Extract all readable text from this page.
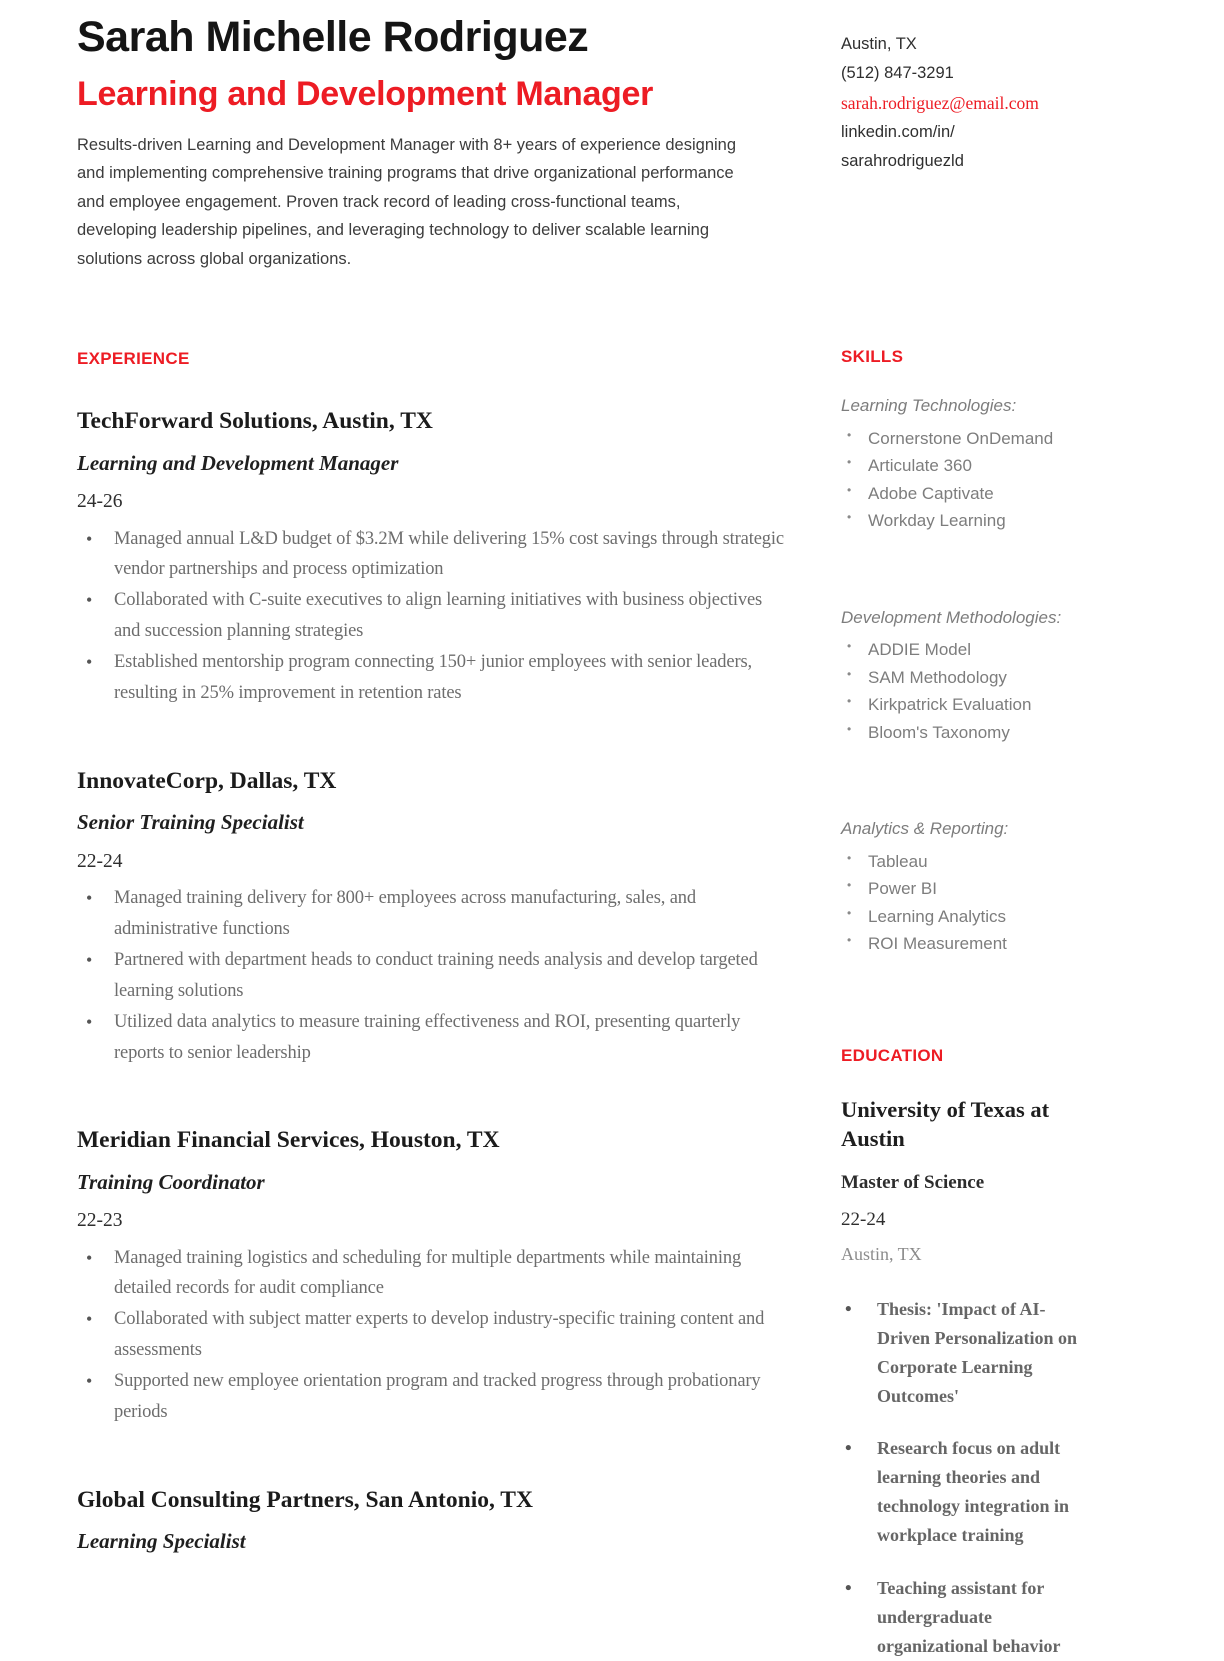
Sarah Michelle Rodriguez
Learning and Development Manager

Results-driven Learning and Development Manager with 8+ years of experience designing and implementing comprehensive training programs that drive organizational performance and employee engagement. Proven track record of leading cross-functional teams, developing leadership pipelines, and leveraging technology to deliver scalable learning solutions across global organizations.

EXPERIENCE
TechForward Solutions, Austin, TX
Learning and Development Manager
24-26
• Managed annual L&D budget of $3.2M while delivering 15% cost savings through strategic vendor partnerships and process optimization
• Collaborated with C-suite executives to align learning initiatives with business objectives and succession planning strategies
• Established mentorship program connecting 150+ junior employees with senior leaders, resulting in 25% improvement in retention rates
InnovateCorp, Dallas, TX
Senior Training Specialist
22-24
• Managed training delivery for 800+ employees across manufacturing, sales, and administrative functions
• Partnered with department heads to conduct training needs analysis and develop targeted learning solutions
• Utilized data analytics to measure training effectiveness and ROI, presenting quarterly reports to senior leadership
Meridian Financial Services, Houston, TX
Training Coordinator
22-23
• Managed training logistics and scheduling for multiple departments while maintaining detailed records for audit compliance
• Collaborated with subject matter experts to develop industry-specific training content and assessments
• Supported new employee orientation program and tracked progress through probationary periods
Global Consulting Partners, San Antonio, TX
Learning Specialist
Austin, TX
(512) 847-3291
sarah.rodriguez@email.com
linkedin.com/in/
sarahrodriguezld
SKILLS
Learning Technologies:
• Cornerstone OnDemand
• Articulate 360
• Adobe Captivate
• Workday Learning
Development Methodologies:
• ADDIE Model
• SAM Methodology
• Kirkpatrick Evaluation
• Bloom's Taxonomy
Analytics & Reporting:
• Tableau
• Power BI
• Learning Analytics
• ROI Measurement
EDUCATION
University of Texas at Austin
Master of Science
22-24
Austin, TX
• Thesis: 'Impact of AI-Driven Personalization on Corporate Learning Outcomes'
• Research focus on adult learning theories and technology integration in workplace training
• Teaching assistant for undergraduate organizational behavior
